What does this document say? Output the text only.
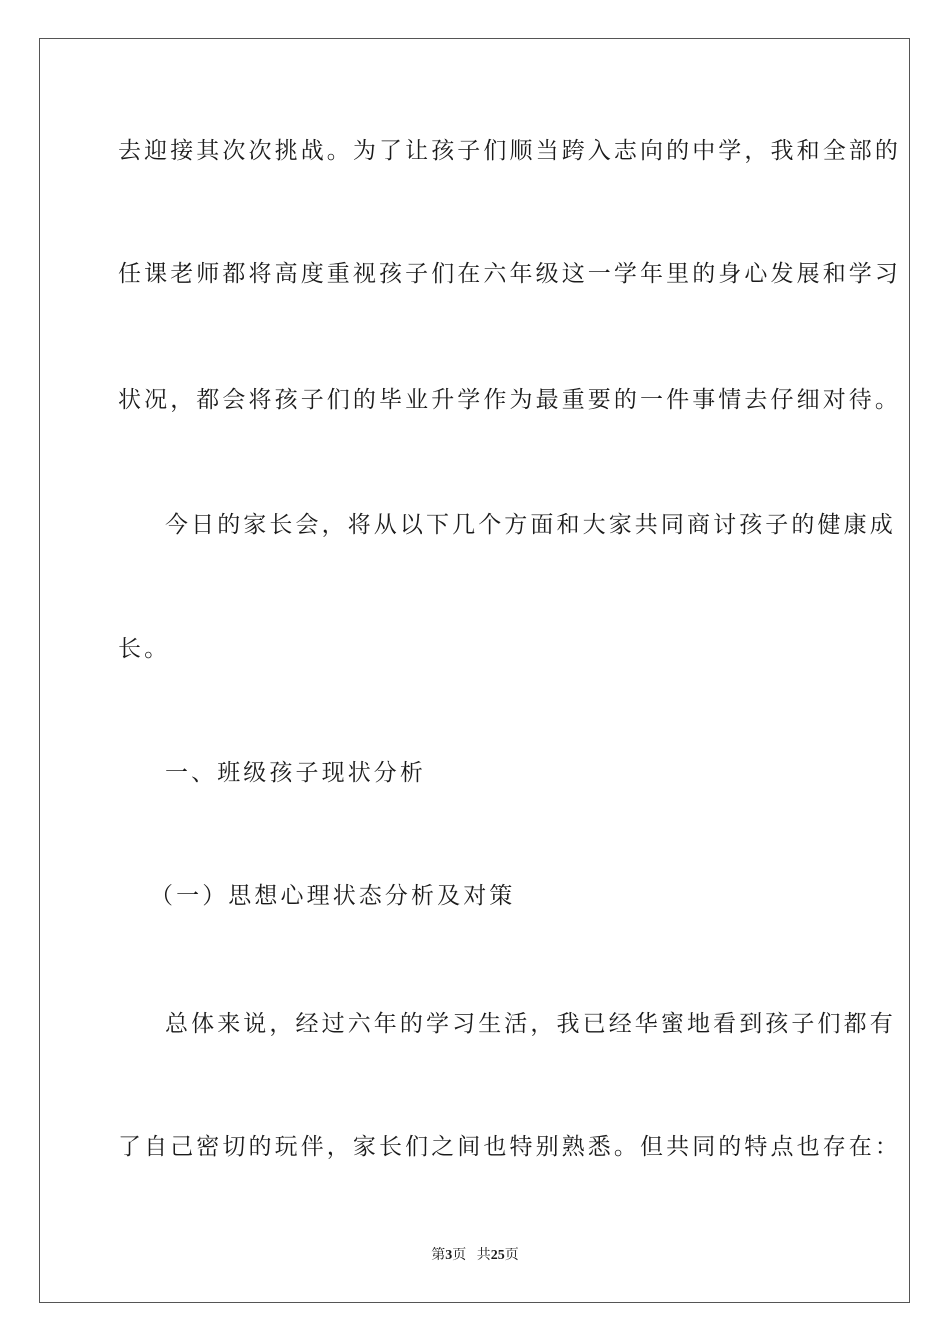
去迎接其次次挑战。为了让孩子们顺当跨入志向的中学，我和全部的
任课老师都将高度重视孩子们在六年级这一学年里的身心发展和学习
状况，都会将孩子们的毕业升学作为最重要的一件事情去仔细对待。
今日的家长会，将从以下几个方面和大家共同商讨孩子的健康成
长。
一、班级孩子现状分析
（一）思想心理状态分析及对策
总体来说，经过六年的学习生活，我已经华蜜地看到孩子们都有
了自己密切的玩伴，家长们之间也特别熟悉。但共同的特点也存在：
第3页 共25页
